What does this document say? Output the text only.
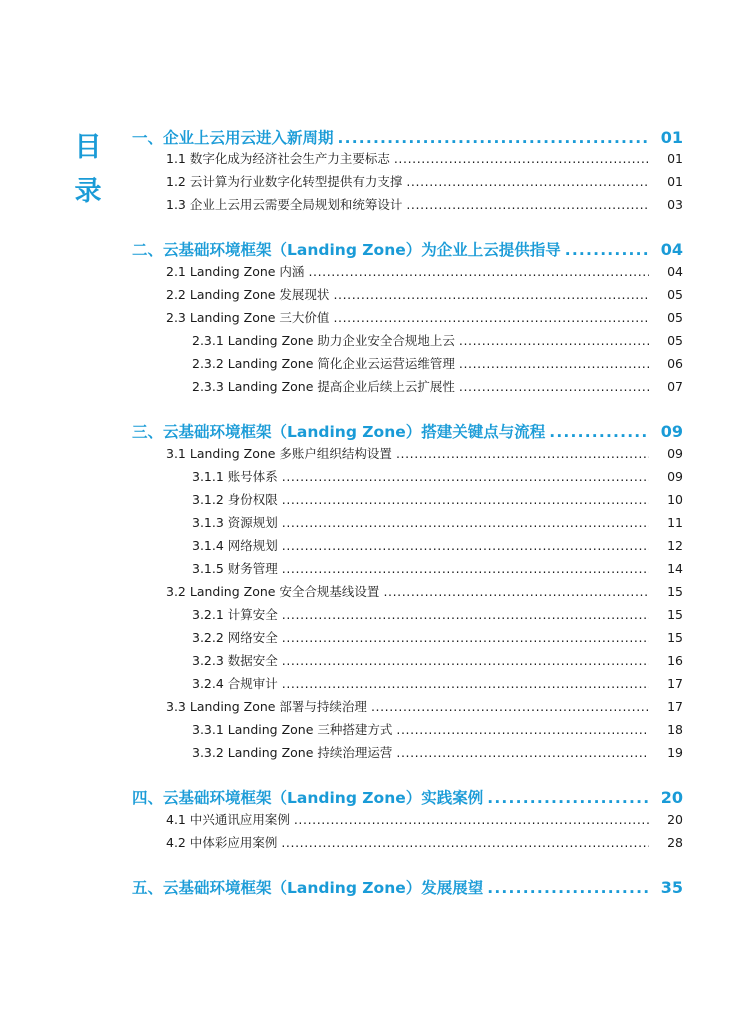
目
录
一、企业上云用云进入新周期 .....	01
1.1 数字化成为经济社会生产力主要标志 .....	01
1.2 云计算为行业数字化转型提供有力支撑 .....	01
1.3 企业上云用云需要全局规划和统筹设计 .....	03
二、云基础环境框架（Landing Zone）为企业上云提供指导 .....	04
2.1 Landing Zone 内涵 .....	04
2.2 Landing Zone 发展现状 .....	05
2.3 Landing Zone 三大价值 .....	05
2.3.1 Landing Zone 助力企业安全合规地上云 .....	05
2.3.2 Landing Zone 简化企业云运营运维管理 .....	06
2.3.3 Landing Zone 提高企业后续上云扩展性 .....	07
三、云基础环境框架（Landing Zone）搭建关键点与流程 .....	09
3.1 Landing Zone 多账户组织结构设置 .....	09
3.1.1 账号体系 .....	09
3.1.2 身份权限 .....	10
3.1.3 资源规划 .....	11
3.1.4 网络规划 .....	12
3.1.5 财务管理 .....	14
3.2 Landing Zone 安全合规基线设置 .....	15
3.2.1 计算安全 .....	15
3.2.2 网络安全 .....	15
3.2.3 数据安全 .....	16
3.2.4 合规审计 .....	17
3.3 Landing Zone 部署与持续治理 .....	17
3.3.1 Landing Zone 三种搭建方式 .....	18
3.3.2 Landing Zone 持续治理运营 .....	19
四、云基础环境框架（Landing Zone）实践案例 .....	20
4.1 中兴通讯应用案例 .....	20
4.2 中体彩应用案例 .....	28
五、云基础环境框架（Landing Zone）发展展望 .....	35
